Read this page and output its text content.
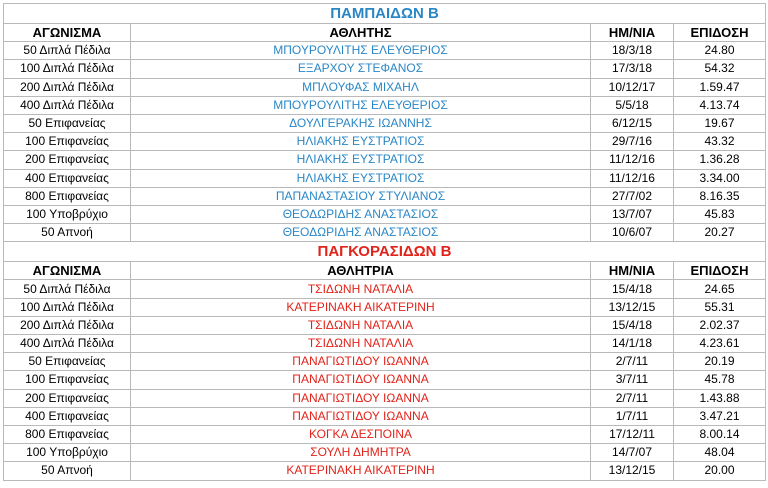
ΠΑΜΠΑΙΔΩΝ Β			
ΑΓΩΝΙΣΜΑ	ΑΘΛΗΤΗΣ	ΗΜ/ΝΙΑ	ΕΠΙΔΟΣΗ
50 Διπλά Πέδιλα	ΜΠΟΥΡΟΥΛΙΤΗΣ ΕΛΕΥΘΕΡΙΟΣ	18/3/18	24.80
100 Διπλά Πέδιλα	ΕΞΑΡΧΟΥ ΣΤΕΦΑΝΟΣ	17/3/18	54.32
200 Διπλά Πέδιλα	ΜΠΛΟΥΦΑΣ ΜΙΧΑΗΛ	10/12/17	1.59.47
400 Διπλά Πέδιλα	ΜΠΟΥΡΟΥΛΙΤΗΣ ΕΛΕΥΘΕΡΙΟΣ	5/5/18	4.13.74
50 Επιφανείας	ΔΟΥΛΓΕΡΑΚΗΣ ΙΩΑΝΝΗΣ	6/12/15	19.67
100 Επιφανείας	ΗΛΙΑΚΗΣ ΕΥΣΤΡΑΤΙΟΣ	29/7/16	43.32
200 Επιφανείας	ΗΛΙΑΚΗΣ ΕΥΣΤΡΑΤΙΟΣ	11/12/16	1.36.28
400 Επιφανείας	ΗΛΙΑΚΗΣ ΕΥΣΤΡΑΤΙΟΣ	11/12/16	3.34.00
800 Επιφανείας	ΠΑΠΑΝΑΣΤΑΣΙΟΥ ΣΤΥΛΙΑΝΟΣ	27/7/02	8.16.35
100 Υποβρύχιο	ΘΕΟΔΩΡΙΔΗΣ ΑΝΑΣΤΑΣΙΟΣ	13/7/07	45.83
50 Απνοή	ΘΕΟΔΩΡΙΔΗΣ ΑΝΑΣΤΑΣΙΟΣ	10/6/07	20.27
ΠΑΓΚΟΡΑΣΙΔΩΝ Β			
ΑΓΩΝΙΣΜΑ	ΑΘΛΗΤΡΙΑ	ΗΜ/ΝΙΑ	ΕΠΙΔΟΣΗ
50 Διπλά Πέδιλα	ΤΣΙΔΩΝΗ ΝΑΤΑΛΙΑ	15/4/18	24.65
100 Διπλά Πέδιλα	ΚΑΤΕΡΙΝΑΚΗ ΑΙΚΑΤΕΡΙΝΗ	13/12/15	55.31
200 Διπλά Πέδιλα	ΤΣΙΔΩΝΗ ΝΑΤΑΛΙΑ	15/4/18	2.02.37
400 Διπλά Πέδιλα	ΤΣΙΔΩΝΗ ΝΑΤΑΛΙΑ	14/1/18	4.23.61
50 Επιφανείας	ΠΑΝΑΓΙΩΤΙΔΟΥ ΙΩΑΝΝΑ	2/7/11	20.19
100 Επιφανείας	ΠΑΝΑΓΙΩΤΙΔΟΥ ΙΩΑΝΝΑ	3/7/11	45.78
200 Επιφανείας	ΠΑΝΑΓΙΩΤΙΔΟΥ ΙΩΑΝΝΑ	2/7/11	1.43.88
400 Επιφανείας	ΠΑΝΑΓΙΩΤΙΔΟΥ ΙΩΑΝΝΑ	1/7/11	3.47.21
800 Επιφανείας	ΚΟΓΚΑ ΔΕΣΠΟΙΝΑ	17/12/11	8.00.14
100 Υποβρύχιο	ΣΟΥΛΗ ΔΗΜΗΤΡΑ	14/7/07	48.04
50 Απνοή	ΚΑΤΕΡΙΝΑΚΗ ΑΙΚΑΤΕΡΙΝΗ	13/12/15	20.00
